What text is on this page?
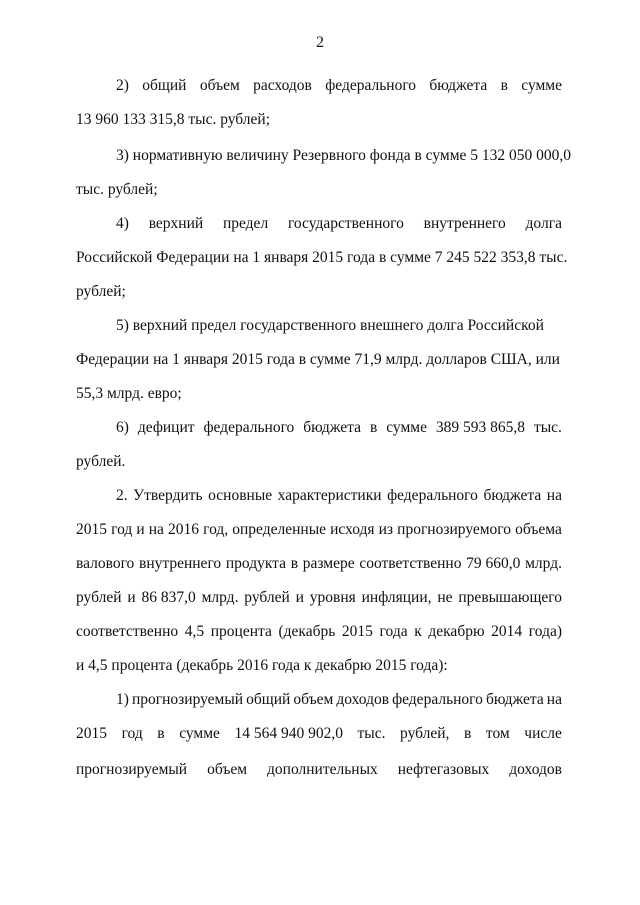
2
2) общий объем расходов федерального бюджета в сумме
13 960 133 315,8 тыс. рублей;
3) нормативную величину Резервного фонда в сумме 5 132 050 000,0
тыс. рублей;
4) верхний предел государственного внутреннего долга
Российской Федерации на 1 января 2015 года в сумме 7 245 522 353,8 тыс.
рублей;
5) верхний предел государственного внешнего долга Российской
Федерации на 1 января 2015 года в сумме 71,9 млрд. долларов США, или
55,3 млрд. евро;
6) дефицит федерального бюджета в сумме 389 593 865,8 тыс.
рублей.
2. Утвердить основные характеристики федерального бюджета на
2015 год и на 2016 год, определенные исходя из прогнозируемого объема
валового внутреннего продукта в размере соответственно 79 660,0 млрд.
рублей и 86 837,0 млрд. рублей и уровня инфляции, не превышающего
соответственно 4,5 процента (декабрь 2015 года к декабрю 2014 года)
и 4,5 процента (декабрь 2016 года к декабрю 2015 года):
1) прогнозируемый общий объем доходов федерального бюджета на
2015 год в сумме 14 564 940 902,0 тыс. рублей, в том числе
прогнозируемый объем дополнительных нефтегазовых доходов
